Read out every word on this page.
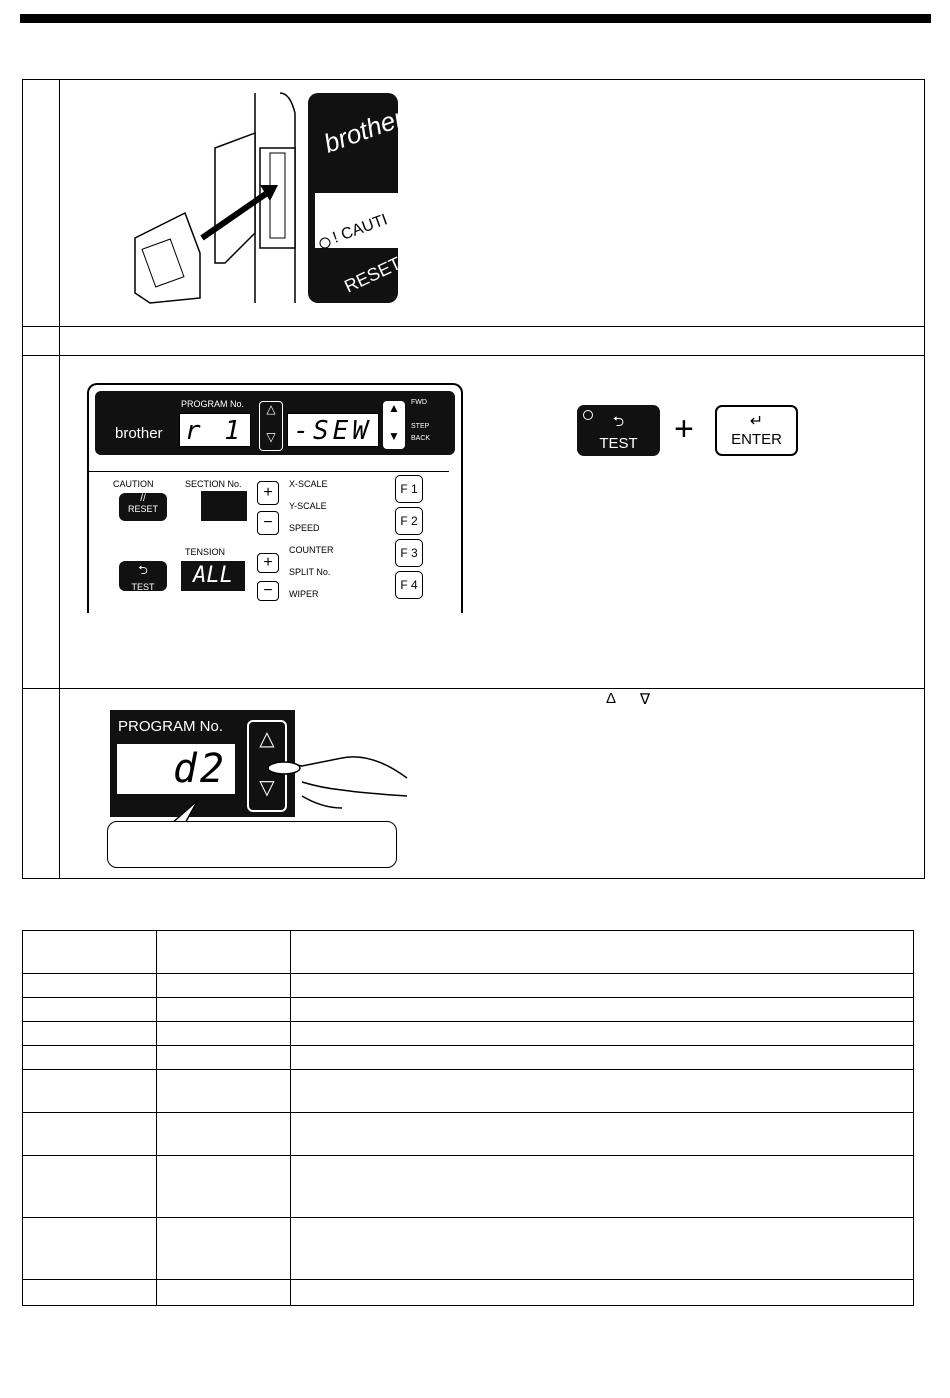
brother
! CAUTI
RESET
brother
PROGRAM No.
r 1
△

▽ -SEW
▲

▼
FWD
STEP
BACK
CAUTION
//
RESET
SECTION No.	+
−
TENSION
ALL
+
−
⮌
TEST
X-SCALE
Y-SCALE
SPEED
COUNTER
SPLIT No.
WIPER
F 1
F 2
F 3
F 4
⮌
TEST	+	↵
ENTER
PROGRAM No.
d2
△
▽
Δ ∇
